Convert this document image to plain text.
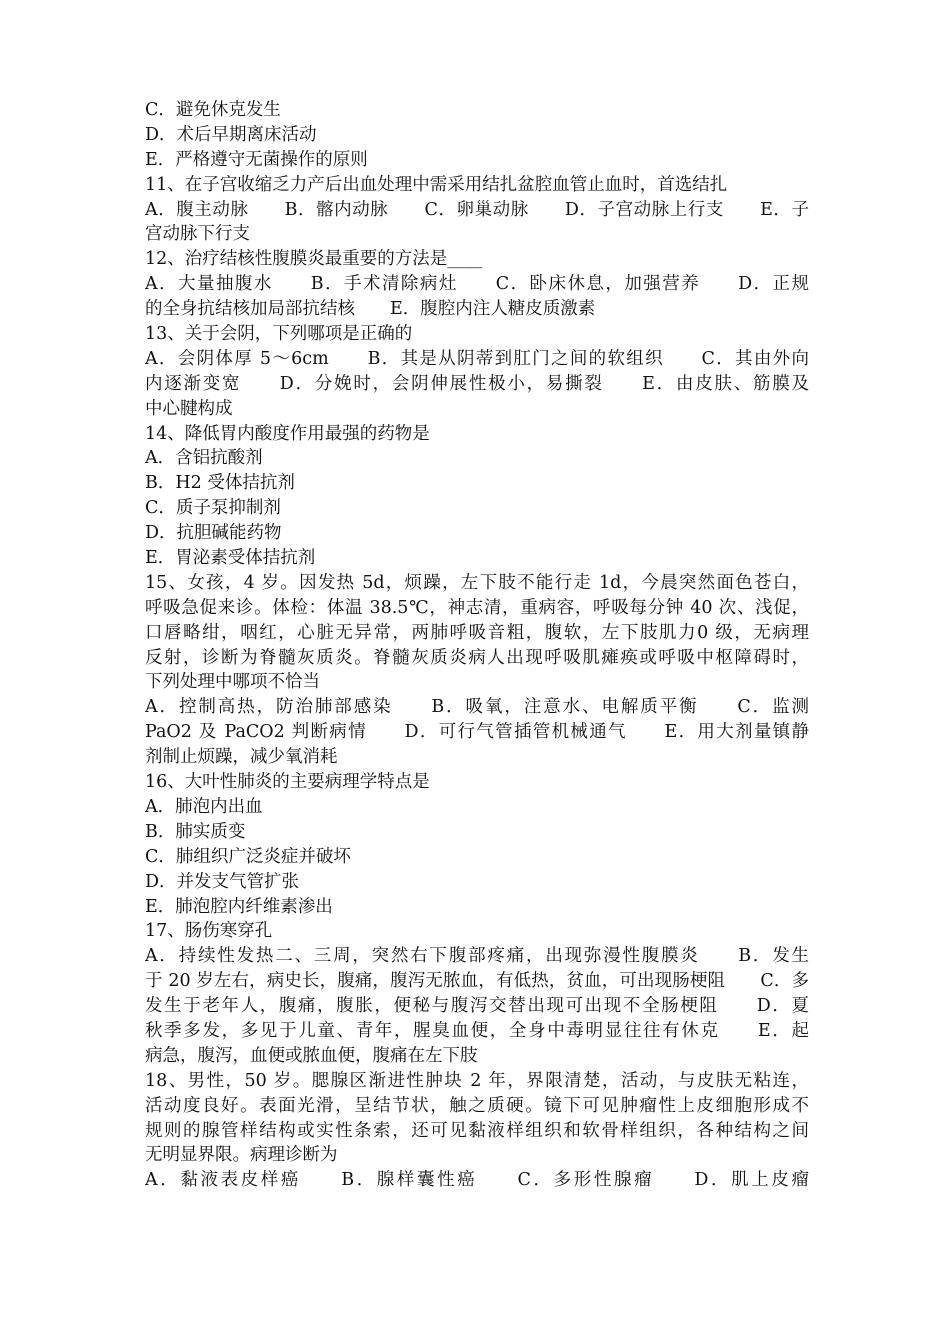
C．避免休克发生
D．术后早期离床活动
E．严格遵守无菌操作的原则
11、在子宫收缩乏力产后出血处理中需采用结扎盆腔血管止血时，首选结扎
A．腹主动脉　　B．髂内动脉　　C．卵巢动脉　　D．子宫动脉上行支　　E．子
宫动脉下行支
12、治疗结核性腹膜炎最重要的方法是____
A．大量抽腹水　　B．手术清除病灶　　C．卧床休息，加强营养　　D．正规
的全身抗结核加局部抗结核　　E．腹腔内注人糖皮质激素
13、关于会阴，下列哪项是正确的
A．会阴体厚 5～6cm　　B．其是从阴蒂到肛门之间的软组织　　C．其由外向
内逐渐变宽　　D．分娩时，会阴伸展性极小，易撕裂　　E．由皮肤、筋膜及
中心腱构成
14、降低胃内酸度作用最强的药物是
A．含铝抗酸剂
B．H2 受体拮抗剂
C．质子泵抑制剂
D．抗胆碱能药物
E．胃泌素受体拮抗剂
15、女孩，4 岁。因发热 5d，烦躁，左下肢不能行走 1d，今晨突然面色苍白，
呼吸急促来诊。体检：体温 38.5℃，神志清，重病容，呼吸每分钟 40 次、浅促，
口唇略绀，咽红，心脏无异常，两肺呼吸音粗，腹软，左下肢肌力0 级，无病理
反射，诊断为脊髓灰质炎。脊髓灰质炎病人出现呼吸肌瘫痪或呼吸中枢障碍时，
下列处理中哪项不恰当
A．控制高热，防治肺部感染　　B．吸氧，注意水、电解质平衡　　C．监测
PaO2 及 PaCO2 判断病情　　D．可行气管插管机械通气　　E．用大剂量镇静
剂制止烦躁，减少氧消耗
16、大叶性肺炎的主要病理学特点是
A．肺泡内出血
B．肺实质变
C．肺组织广泛炎症并破坏
D．并发支气管扩张
E．肺泡腔内纤维素渗出
17、肠伤寒穿孔
A．持续性发热二、三周，突然右下腹部疼痛，出现弥漫性腹膜炎　　B．发生
于 20 岁左右，病史长，腹痛，腹泻无脓血，有低热，贫血，可出现肠梗阻　　C．多
发生于老年人，腹痛，腹胀，便秘与腹泻交替出现可出现不全肠梗阻　　D．夏
秋季多发，多见于儿童、青年，腥臭血便，全身中毒明显往往有休克　　E．起
病急，腹泻，血便或脓血便，腹痛在左下肢
18、男性，50 岁。腮腺区渐进性肿块 2 年，界限清楚，活动，与皮肤无粘连，
活动度良好。表面光滑，呈结节状，触之质硬。镜下可见肿瘤性上皮细胞形成不
规则的腺管样结构或实性条索，还可见黏液样组织和软骨样组织，各种结构之间
无明显界限。病理诊断为
A．黏液表皮样癌　　B．腺样囊性癌　　C．多形性腺瘤　　D．肌上皮瘤
